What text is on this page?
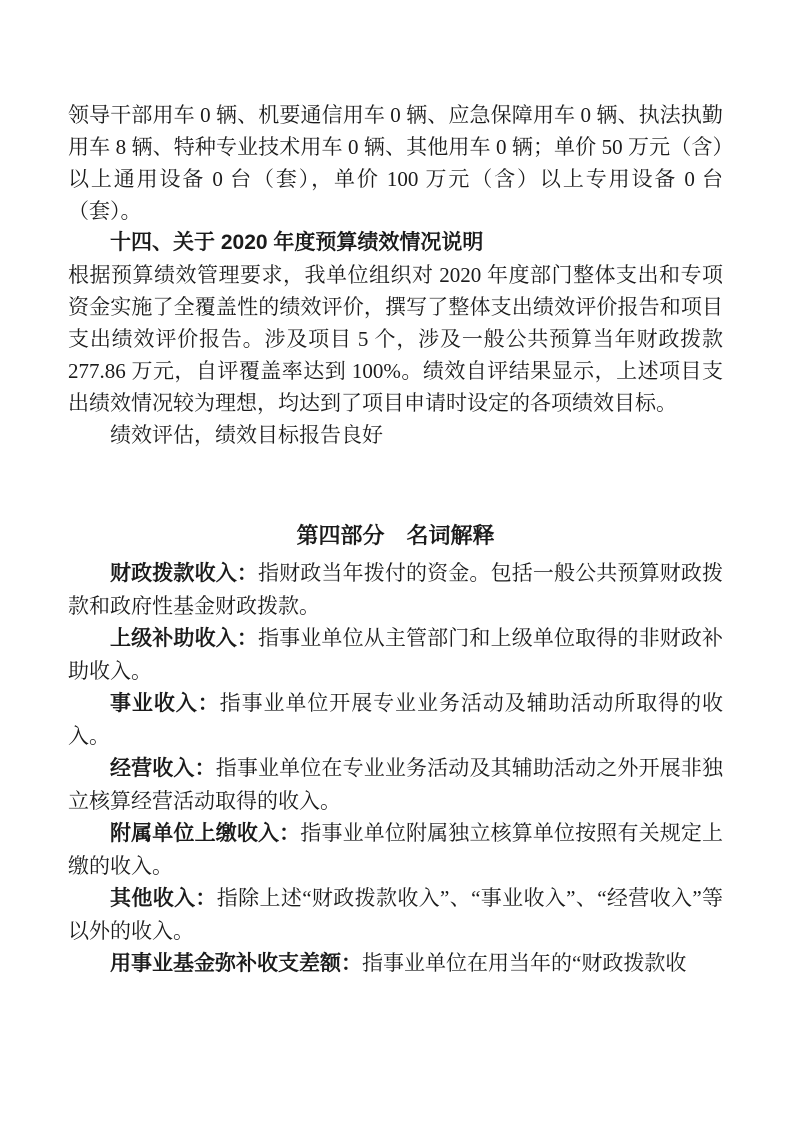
领导干部用车 0 辆、机要通信用车 0 辆、应急保障用车 0 辆、执法执勤用车 8 辆、特种专业技术用车 0 辆、其他用车 0 辆；单价 50 万元（含）以上通用设备 0 台（套），单价 100 万元（含）以上专用设备 0 台（套）。

十四、关于 2020 年度预算绩效情况说明

根据预算绩效管理要求，我单位组织对 2020 年度部门整体支出和专项资金实施了全覆盖性的绩效评价，撰写了整体支出绩效评价报告和项目支出绩效评价报告。涉及项目 5 个，涉及一般公共预算当年财政拨款 277.86 万元，自评覆盖率达到 100%。绩效自评结果显示，上述项目支出绩效情况较为理想，均达到了项目申请时设定的各项绩效目标。

绩效评估，绩效目标报告良好

第四部分　名词解释

财政拨款收入：指财政当年拨付的资金。包括一般公共预算财政拨款和政府性基金财政拨款。

上级补助收入：指事业单位从主管部门和上级单位取得的非财政补助收入。

事业收入：指事业单位开展专业业务活动及辅助活动所取得的收入。

经营收入：指事业单位在专业业务活动及其辅助活动之外开展非独立核算经营活动取得的收入。

附属单位上缴收入：指事业单位附属独立核算单位按照有关规定上缴的收入。

其他收入：指除上述“财政拨款收入”、“事业收入”、“经营收入”等以外的收入。

用事业基金弥补收支差额：指事业单位在用当年的“财政拨款收
